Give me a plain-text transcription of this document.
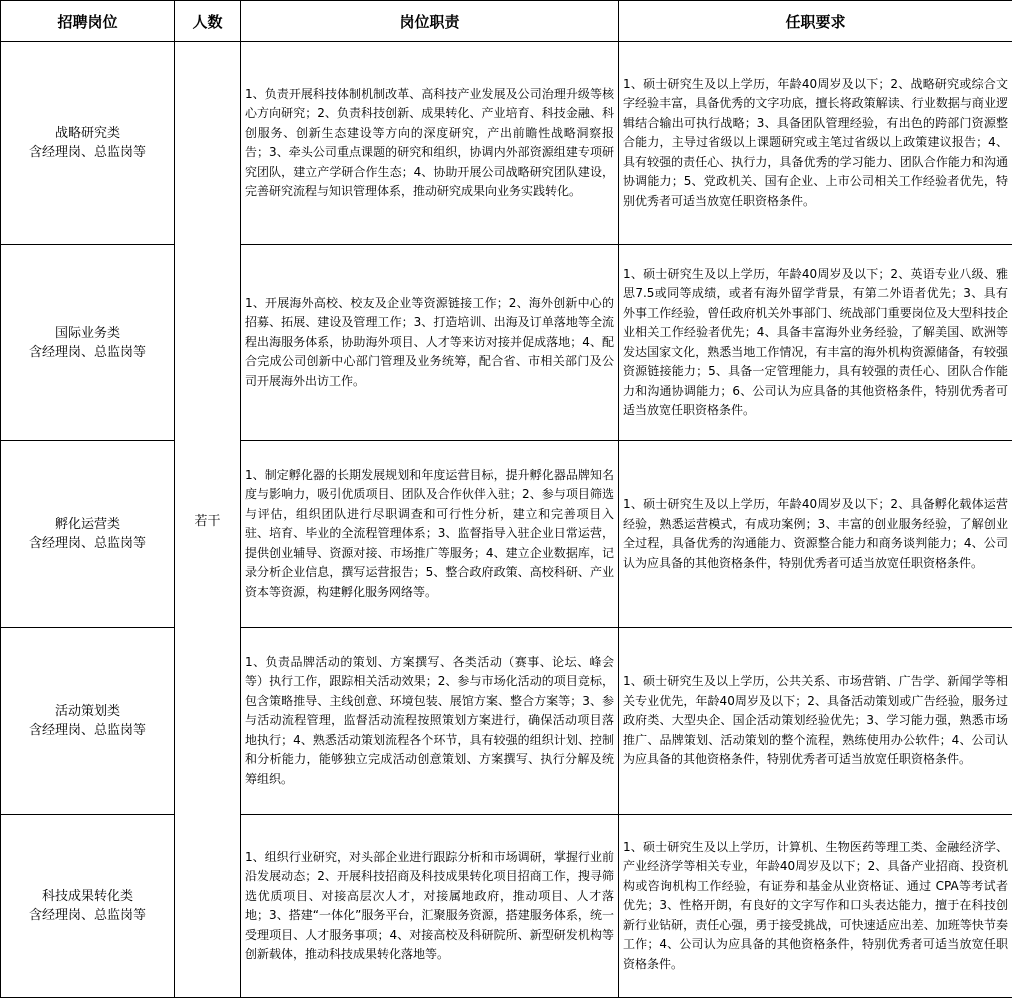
招聘岗位	人数	岗位职责	任职要求

战略研究类
含经理岗、总监岗等	若干	1、负责开展科技体制机制改革、高科技产业发展及公司治理升级等核心方向研究；2、负责科技创新、成果转化、产业培育、科技金融、科创服务、创新生态建设等方向的深度研究，产出前瞻性战略洞察报告；3、牵头公司重点课题的研究和组织，协调内外部资源组建专项研究团队，建立产学研合作生态；4、协助开展公司战略研究团队建设，完善研究流程与知识管理体系，推动研究成果向业务实践转化。	1、硕士研究生及以上学历，年龄40周岁及以下；2、战略研究或综合文字经验丰富，具备优秀的文字功底，擅长将政策解读、行业数据与商业逻辑结合输出可执行战略；3、具备团队管理经验，有出色的跨部门资源整合能力，主导过省级以上课题研究或主笔过省级以上政策建议报告；4、具有较强的责任心、执行力，具备优秀的学习能力、团队合作能力和沟通协调能力；5、党政机关、国有企业、上市公司相关工作经验者优先，特别优秀者可适当放宽任职资格条件。

国际业务类
含经理岗、总监岗等		1、开展海外高校、校友及企业等资源链接工作；2、海外创新中心的招募、拓展、建设及管理工作；3、打造培训、出海及订单落地等全流程出海服务体系，协助海外项目、人才等来访对接并促成落地；4、配合完成公司创新中心部门管理及业务统筹，配合省、市相关部门及公司开展海外出访工作。	1、硕士研究生及以上学历，年龄40周岁及以下；2、英语专业八级、雅思7.5或同等成绩，或者有海外留学背景，有第二外语者优先；3、具有外事工作经验，曾任政府机关外事部门、统战部门重要岗位及大型科技企业相关工作经验者优先；4、具备丰富海外业务经验，了解美国、欧洲等发达国家文化，熟悉当地工作情况，有丰富的海外机构资源储备，有较强资源链接能力；5、具备一定管理能力，具有较强的责任心、团队合作能力和沟通协调能力；6、公司认为应具备的其他资格条件，特别优秀者可适当放宽任职资格条件。

孵化运营类
含经理岗、总监岗等		1、制定孵化器的长期发展规划和年度运营目标，提升孵化器品牌知名度与影响力，吸引优质项目、团队及合作伙伴入驻；2、参与项目筛选与评估，组织团队进行尽职调查和可行性分析，建立和完善项目入驻、培育、毕业的全流程管理体系；3、监督指导入驻企业日常运营，提供创业辅导、资源对接、市场推广等服务；4、建立企业数据库，记录分析企业信息，撰写运营报告；5、整合政府政策、高校科研、产业资本等资源，构建孵化服务网络等。	1、硕士研究生及以上学历，年龄40周岁及以下；2、具备孵化载体运营经验，熟悉运营模式，有成功案例；3、丰富的创业服务经验，了解创业全过程，具备优秀的沟通能力、资源整合能力和商务谈判能力；4、公司认为应具备的其他资格条件，特别优秀者可适当放宽任职资格条件。

活动策划类
含经理岗、总监岗等		1、负责品牌活动的策划、方案撰写、各类活动（赛事、论坛、峰会等）执行工作，跟踪相关活动效果；2、参与市场化活动的项目竞标，包含策略推导、主线创意、环境包装、展馆方案、整合方案等；3、参与活动流程管理，监督活动流程按照策划方案进行，确保活动项目落地执行；4、熟悉活动策划流程各个环节，具有较强的组织计划、控制和分析能力，能够独立完成活动创意策划、方案撰写、执行分解及统筹组织。	1、硕士研究生及以上学历，公共关系、市场营销、广告学、新闻学等相关专业优先，年龄40周岁及以下；2、具备活动策划或广告经验，服务过政府类、大型央企、国企活动策划经验优先；3、学习能力强，熟悉市场推广、品牌策划、活动策划的整个流程，熟练使用办公软件；4、公司认为应具备的其他资格条件，特别优秀者可适当放宽任职资格条件。

科技成果转化类
含经理岗、总监岗等		1、组织行业研究，对头部企业进行跟踪分析和市场调研，掌握行业前沿发展动态；2、开展科技招商及科技成果转化项目招商工作，搜寻筛选优质项目、对接高层次人才，对接属地政府，推动项目、人才落地；3、搭建“一体化”服务平台，汇聚服务资源，搭建服务体系，统一受理项目、人才服务事项；4、对接高校及科研院所、新型研发机构等创新载体，推动科技成果转化落地等。	1、硕士研究生及以上学历，计算机、生物医药等理工类、金融经济学、产业经济学等相关专业，年龄40周岁及以下；2、具备产业招商、投资机构或咨询机构工作经验，有证券和基金从业资格证、通过 CPA等考试者优先；3、性格开朗，有良好的文字写作和口头表达能力，擅于在科技创新行业钻研，责任心强，勇于接受挑战，可快速适应出差、加班等快节奏工作；4、公司认为应具备的其他资格条件，特别优秀者可适当放宽任职资格条件。
